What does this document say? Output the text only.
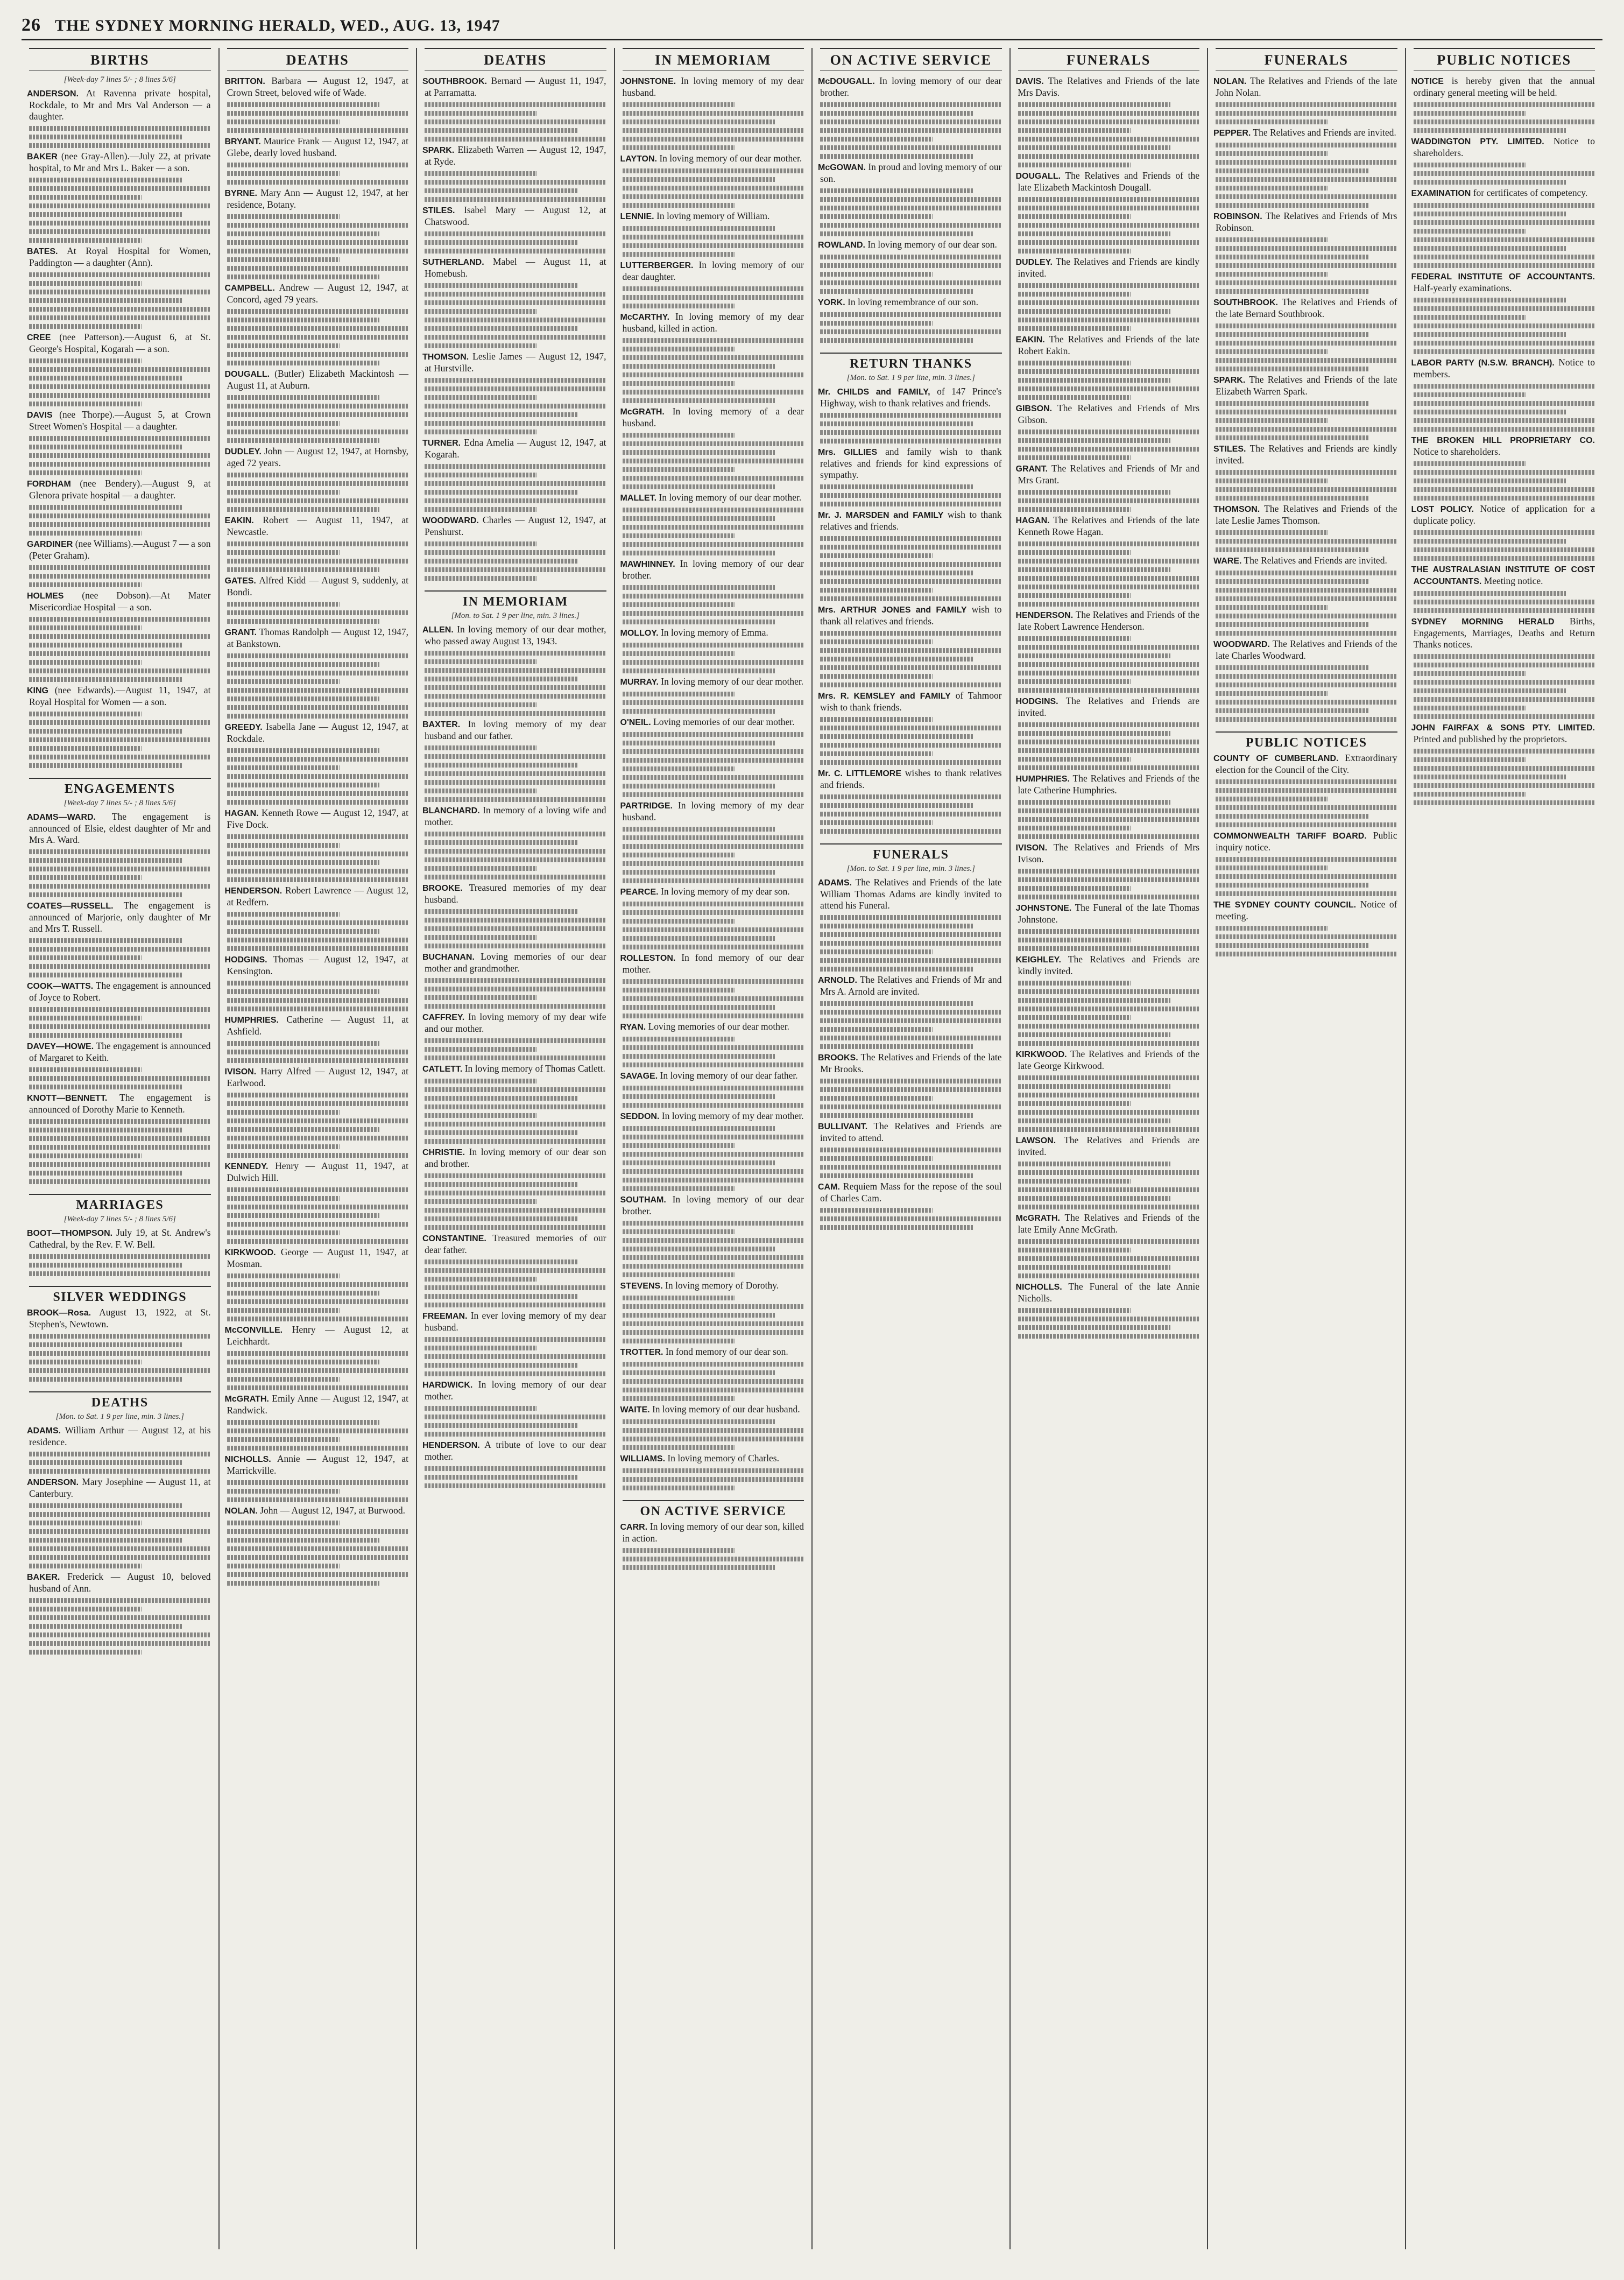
26 THE SYDNEY MORNING HERALD, WED., AUG. 13, 1947
BIRTHS
[Week-day 7 lines 5/- ; 8 lines 5/6]

ANDERSON. At Ravenna private hospital, Rockdale, to Mr and Mrs Val Anderson — a daughter.

BAKER (nee Gray-Allen).—July 22, at private hospital, to Mr and Mrs L. Baker — a son.

BATES. At Royal Hospital for Women, Paddington — a daughter (Ann).

CREE (nee Patterson).—August 6, at St. George's Hospital, Kogarah — a son.

DAVIS (nee Thorpe).—August 5, at Crown Street Women's Hospital — a daughter.

FORDHAM (nee Bendery).—August 9, at Glenora private hospital — a daughter.

GARDINER (nee Williams).—August 7 — a son (Peter Graham).

HOLMES (nee Dobson).—At Mater Misericordiae Hospital — a son.

KING (nee Edwards).—August 11, 1947, at Royal Hospital for Women — a son.

ENGAGEMENTS
[Week-day 7 lines 5/- ; 8 lines 5/6]

ADAMS—WARD. The engagement is announced of Elsie, eldest daughter of Mr and Mrs A. Ward.

COATES—RUSSELL. The engagement is announced of Marjorie, only daughter of Mr and Mrs T. Russell.

COOK—WATTS. The engagement is announced of Joyce to Robert.

DAVEY—HOWE. The engagement is announced of Margaret to Keith.

KNOTT—BENNETT. The engagement is announced of Dorothy Marie to Kenneth.

MARRIAGES
[Week-day 7 lines 5/- ; 8 lines 5/6]

BOOT—THOMPSON. July 19, at St. Andrew's Cathedral, by the Rev. F. W. Bell.

SILVER WEDDINGS

BROOK—Rosa. August 13, 1922, at St. Stephen's, Newtown.

DEATHS
[Mon. to Sat. 1 9 per line, min. 3 lines.]

ADAMS. William Arthur — August 12, at his residence.

ANDERSON. Mary Josephine — August 11, at Canterbury.

BAKER. Frederick — August 10, beloved husband of Ann.

DEATHS

BRITTON. Barbara — August 12, 1947, at Crown Street, beloved wife of Wade.

BRYANT. Maurice Frank — August 12, 1947, at Glebe, dearly loved husband.

BYRNE. Mary Ann — August 12, 1947, at her residence, Botany.

CAMPBELL. Andrew — August 12, 1947, at Concord, aged 79 years.

DOUGALL. (Butler) Elizabeth Mackintosh — August 11, at Auburn.

DUDLEY. John — August 12, 1947, at Hornsby, aged 72 years.

EAKIN. Robert — August 11, 1947, at Newcastle.

GATES. Alfred Kidd — August 9, suddenly, at Bondi.

GRANT. Thomas Randolph — August 12, 1947, at Bankstown.

GREEDY. Isabella Jane — August 12, 1947, at Rockdale.

HAGAN. Kenneth Rowe — August 12, 1947, at Five Dock.

HENDERSON. Robert Lawrence — August 12, at Redfern.

HODGINS. Thomas — August 12, 1947, at Kensington.

HUMPHRIES. Catherine — August 11, at Ashfield.

IVISON. Harry Alfred — August 12, 1947, at Earlwood.

KENNEDY. Henry — August 11, 1947, at Dulwich Hill.

KIRKWOOD. George — August 11, 1947, at Mosman.

McCONVILLE. Henry — August 12, at Leichhardt.

McGRATH. Emily Anne — August 12, 1947, at Randwick.

NICHOLLS. Annie — August 12, 1947, at Marrickville.

NOLAN. John — August 12, 1947, at Burwood.

DEATHS

SOUTHBROOK. Bernard — August 11, 1947, at Parramatta.

SPARK. Elizabeth Warren — August 12, 1947, at Ryde.

STILES. Isabel Mary — August 12, at Chatswood.

SUTHERLAND. Mabel — August 11, at Homebush.

THOMSON. Leslie James — August 12, 1947, at Hurstville.

TURNER. Edna Amelia — August 12, 1947, at Kogarah.

WOODWARD. Charles — August 12, 1947, at Penshurst.

IN MEMORIAM
[Mon. to Sat. 1 9 per line, min. 3 lines.]

ALLEN. In loving memory of our dear mother, who passed away August 13, 1943.

BAXTER. In loving memory of my dear husband and our father.

BLANCHARD. In memory of a loving wife and mother.

BROOKE. Treasured memories of my dear husband.

BUCHANAN. Loving memories of our dear mother and grandmother.

CAFFREY. In loving memory of my dear wife and our mother.

CATLETT. In loving memory of Thomas Catlett.

CHRISTIE. In loving memory of our dear son and brother.

CONSTANTINE. Treasured memories of our dear father.

FREEMAN. In ever loving memory of my dear husband.

HARDWICK. In loving memory of our dear mother.

HENDERSON. A tribute of love to our dear mother.

IN MEMORIAM

JOHNSTONE. In loving memory of my dear husband.

LAYTON. In loving memory of our dear mother.

LENNIE. In loving memory of William.

LUTTERBERGER. In loving memory of our dear daughter.

McCARTHY. In loving memory of my dear husband, killed in action.

McGRATH. In loving memory of a dear husband.

MALLET. In loving memory of our dear mother.

MAWHINNEY. In loving memory of our dear brother.

MOLLOY. In loving memory of Emma.

MURRAY. In loving memory of our dear mother.

O'NEIL. Loving memories of our dear mother.

PARTRIDGE. In loving memory of my dear husband.

PEARCE. In loving memory of my dear son.

ROLLESTON. In fond memory of our dear mother.

RYAN. Loving memories of our dear mother.

SAVAGE. In loving memory of our dear father.

SEDDON. In loving memory of my dear mother.

SOUTHAM. In loving memory of our dear brother.

STEVENS. In loving memory of Dorothy.

TROTTER. In fond memory of our dear son.

WAITE. In loving memory of our dear husband.

WILLIAMS. In loving memory of Charles.

ON ACTIVE SERVICE

CARR. In loving memory of our dear son, killed in action.

ON ACTIVE SERVICE

McDOUGALL. In loving memory of our dear brother.

McGOWAN. In proud and loving memory of our son.

ROWLAND. In loving memory of our dear son.

YORK. In loving remembrance of our son.

RETURN THANKS
[Mon. to Sat. 1 9 per line, min. 3 lines.]

Mr. CHILDS and FAMILY, of 147 Prince's Highway, wish to thank relatives and friends.

Mrs. GILLIES and family wish to thank relatives and friends for kind expressions of sympathy.

Mr. J. MARSDEN and FAMILY wish to thank relatives and friends.

Mrs. ARTHUR JONES and FAMILY wish to thank all relatives and friends.

Mrs. R. KEMSLEY and FAMILY of Tahmoor wish to thank friends.

Mr. C. LITTLEMORE wishes to thank relatives and friends.

FUNERALS
[Mon. to Sat. 1 9 per line, min. 3 lines.]

ADAMS. The Relatives and Friends of the late William Thomas Adams are kindly invited to attend his Funeral.

ARNOLD. The Relatives and Friends of Mr and Mrs A. Arnold are invited.

BROOKS. The Relatives and Friends of the late Mr Brooks.

BULLIVANT. The Relatives and Friends are invited to attend.

CAM. Requiem Mass for the repose of the soul of Charles Cam.

FUNERALS

DAVIS. The Relatives and Friends of the late Mrs Davis.

DOUGALL. The Relatives and Friends of the late Elizabeth Mackintosh Dougall.

DUDLEY. The Relatives and Friends are kindly invited.

EAKIN. The Relatives and Friends of the late Robert Eakin.

GIBSON. The Relatives and Friends of Mrs Gibson.

GRANT. The Relatives and Friends of Mr and Mrs Grant.

HAGAN. The Relatives and Friends of the late Kenneth Rowe Hagan.

HENDERSON. The Relatives and Friends of the late Robert Lawrence Henderson.

HODGINS. The Relatives and Friends are invited.

HUMPHRIES. The Relatives and Friends of the late Catherine Humphries.

IVISON. The Relatives and Friends of Mrs Ivison.

JOHNSTONE. The Funeral of the late Thomas Johnstone.

KEIGHLEY. The Relatives and Friends are kindly invited.

KIRKWOOD. The Relatives and Friends of the late George Kirkwood.

LAWSON. The Relatives and Friends are invited.

McGRATH. The Relatives and Friends of the late Emily Anne McGrath.

NICHOLLS. The Funeral of the late Annie Nicholls.

FUNERALS

NOLAN. The Relatives and Friends of the late John Nolan.

PEPPER. The Relatives and Friends are invited.

ROBINSON. The Relatives and Friends of Mrs Robinson.

SOUTHBROOK. The Relatives and Friends of the late Bernard Southbrook.

SPARK. The Relatives and Friends of the late Elizabeth Warren Spark.

STILES. The Relatives and Friends are kindly invited.

THOMSON. The Relatives and Friends of the late Leslie James Thomson.

WARE. The Relatives and Friends are invited.

WOODWARD. The Relatives and Friends of the late Charles Woodward.

PUBLIC NOTICES

COUNTY OF CUMBERLAND. Extraordinary election for the Council of the City.

COMMONWEALTH TARIFF BOARD. Public inquiry notice.

THE SYDNEY COUNTY COUNCIL. Notice of meeting.

PUBLIC NOTICES

NOTICE is hereby given that the annual ordinary general meeting will be held.

WADDINGTON PTY. LIMITED. Notice to shareholders.

EXAMINATION for certificates of competency.

FEDERAL INSTITUTE OF ACCOUNTANTS. Half-yearly examinations.

LABOR PARTY (N.S.W. BRANCH). Notice to members.

THE BROKEN HILL PROPRIETARY CO. Notice to shareholders.

LOST POLICY. Notice of application for a duplicate policy.

THE AUSTRALASIAN INSTITUTE OF COST ACCOUNTANTS. Meeting notice.

SYDNEY MORNING HERALD Births, Engagements, Marriages, Deaths and Return Thanks notices.

JOHN FAIRFAX & SONS PTY. LIMITED. Printed and published by the proprietors.
